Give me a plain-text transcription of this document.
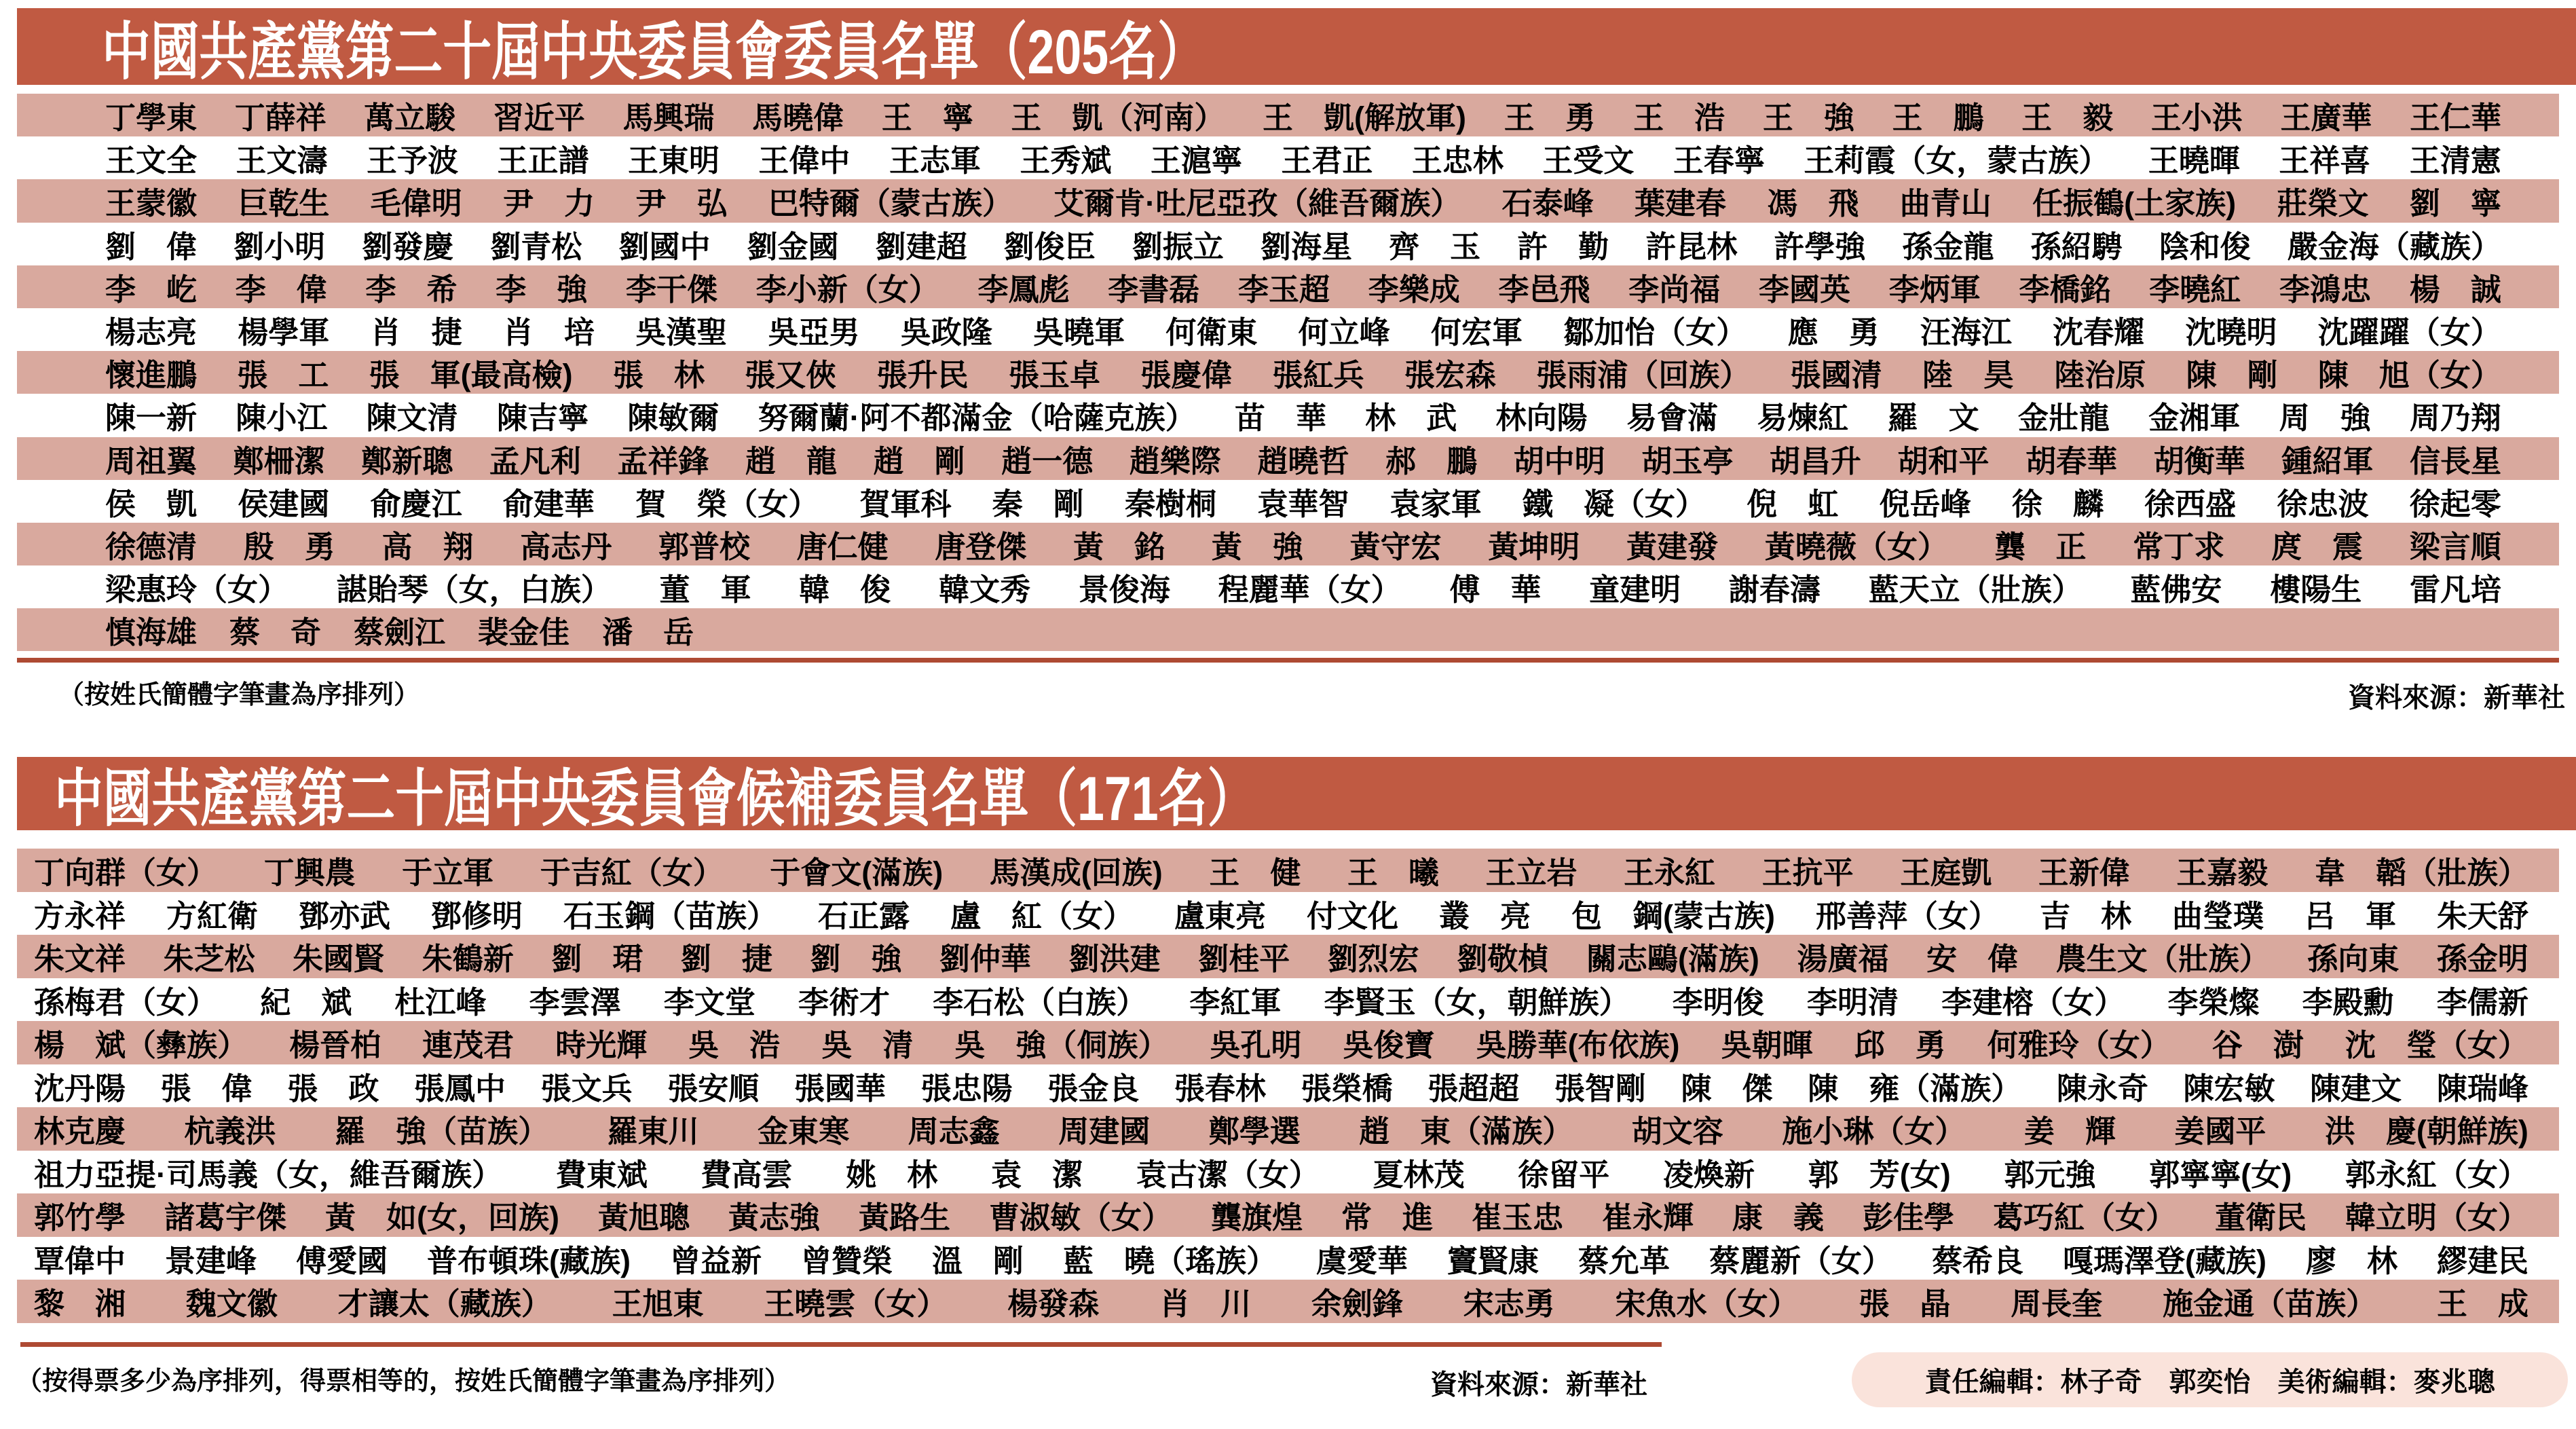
中國共產黨第二十屆中央委員會委員名單（205名）
丁學東 丁薛祥 萬立駿 習近平 馬興瑞 馬曉偉 王　寧 王　凱（河南） 王　凱(解放軍) 王　勇 王　浩 王　強 王　鵬 王　毅 王小洪 王廣華 王仁華
王文全 王文濤 王予波 王正譜 王東明 王偉中 王志軍 王秀斌 王滬寧 王君正 王忠林 王受文 王春寧 王莉霞（女，蒙古族） 王曉暉 王祥喜 王清憲
王蒙徽 巨乾生 毛偉明 尹　力 尹　弘 巴特爾（蒙古族） 艾爾肯·吐尼亞孜（維吾爾族） 石泰峰 葉建春 馮　飛 曲青山 任振鶴(土家族) 莊榮文 劉　寧
劉　偉 劉小明 劉發慶 劉青松 劉國中 劉金國 劉建超 劉俊臣 劉振立 劉海星 齊　玉 許　勤 許昆林 許學強 孫金龍 孫紹騁 陰和俊 嚴金海（藏族）
李　屹 李　偉 李　希 李　強 李干傑 李小新（女） 李鳳彪 李書磊 李玉超 李樂成 李邑飛 李尚福 李國英 李炳軍 李橋銘 李曉紅 李鴻忠 楊　誠
楊志亮 楊學軍 肖　捷 肖　培 吳漢聖 吳亞男 吳政隆 吳曉軍 何衛東 何立峰 何宏軍 鄒加怡（女） 應　勇 汪海江 沈春耀 沈曉明 沈躍躍（女）
懷進鵬 張　工 張　軍(最高檢) 張　林 張又俠 張升民 張玉卓 張慶偉 張紅兵 張宏森 張雨浦（回族） 張國清 陸　昊 陸治原 陳　剛 陳　旭（女）
陳一新 陳小江 陳文清 陳吉寧 陳敏爾 努爾蘭·阿不都滿金（哈薩克族） 苗　華 林　武 林向陽 易會滿 易煉紅 羅　文 金壯龍 金湘軍 周　強 周乃翔
周祖翼 鄭柵潔 鄭新聰 孟凡利 孟祥鋒 趙　龍 趙　剛 趙一德 趙樂際 趙曉哲 郝　鵬 胡中明 胡玉亭 胡昌升 胡和平 胡春華 胡衡華 鍾紹軍 信長星
侯　凱 侯建國 俞慶江 俞建華 賀　榮（女） 賀軍科 秦　剛 秦樹桐 袁華智 袁家軍 鐵　凝（女） 倪　虹 倪岳峰 徐　麟 徐西盛 徐忠波 徐起零
徐德清 殷　勇 高　翔 高志丹 郭普校 唐仁健 唐登傑 黃　銘 黃　強 黃守宏 黃坤明 黃建發 黃曉薇（女） 龔　正 常丁求 庹　震 梁言順
梁惠玲（女） 諶貽琴（女，白族） 董　軍 韓　俊 韓文秀 景俊海 程麗華（女） 傅　華 童建明 謝春濤 藍天立（壯族） 藍佛安 樓陽生 雷凡培
慎海雄 蔡　奇 蔡劍江 裴金佳 潘　岳
（按姓氏簡體字筆畫為序排列）	資料來源：新華社
中國共產黨第二十屆中央委員會候補委員名單（171名）
丁向群（女） 丁興農 于立軍 于吉紅（女） 于會文(滿族) 馬漢成(回族) 王　健 王　曦 王立岩 王永紅 王抗平 王庭凱 王新偉 王嘉毅 韋　韜（壯族）
方永祥 方紅衛 鄧亦武 鄧修明 石玉鋼（苗族） 石正露 盧　紅（女） 盧東亮 付文化 叢　亮 包　鋼(蒙古族) 邢善萍（女） 吉　林 曲瑩璞 呂　軍 朱天舒
朱文祥 朱芝松 朱國賢 朱鶴新 劉　珺 劉　捷 劉　強 劉仲華 劉洪建 劉桂平 劉烈宏 劉敬楨 關志鷗(滿族) 湯廣福 安　偉 農生文（壯族） 孫向東 孫金明
孫梅君（女） 紀　斌 杜江峰 李雲澤 李文堂 李術才 李石松（白族） 李紅軍 李賢玉（女，朝鮮族） 李明俊 李明清 李建榕（女） 李榮燦 李殿勳 李儒新
楊　斌（彝族） 楊晉柏 連茂君 時光輝 吳　浩 吳　清 吳　強（侗族） 吳孔明 吳俊寶 吳勝華(布依族) 吳朝暉 邱　勇 何雅玲（女） 谷　澍 沈　瑩（女）
沈丹陽 張　偉 張　政 張鳳中 張文兵 張安順 張國華 張忠陽 張金良 張春林 張榮橋 張超超 張智剛 陳　傑 陳　雍（滿族） 陳永奇 陳宏敏 陳建文 陳瑞峰
林克慶 杭義洪 羅　強（苗族） 羅東川 金東寒 周志鑫 周建國 鄭學選 趙　東（滿族） 胡文容 施小琳（女） 姜　輝 姜國平 洪　慶(朝鮮族)
祖力亞提·司馬義（女，維吾爾族） 費東斌 費高雲 姚　林 袁　潔 袁古潔（女） 夏林茂 徐留平 凌煥新 郭　芳(女) 郭元強 郭寧寧(女) 郭永紅（女）
郭竹學 諸葛宇傑 黃　如(女，回族) 黃旭聰 黃志強 黃路生 曹淑敏（女） 龔旗煌 常　進 崔玉忠 崔永輝 康　義 彭佳學 葛巧紅（女） 董衛民 韓立明（女）
覃偉中 景建峰 傅愛國 普布頓珠(藏族) 曾益新 曾贊榮 溫　剛 藍　曉（瑤族） 虞愛華 竇賢康 蔡允革 蔡麗新（女） 蔡希良 嘎瑪澤登(藏族) 廖　林 繆建民
黎　湘 魏文徽 才讓太（藏族） 王旭東 王曉雲（女） 楊發森 肖　川 余劍鋒 宋志勇 宋魚水（女） 張　晶 周長奎 施金通（苗族） 王　成
（按得票多少為序排列，得票相等的，按姓氏簡體字筆畫為序排列）	資料來源：新華社	責任編輯：林子奇　郭奕怡　美術編輯：麥兆聰
